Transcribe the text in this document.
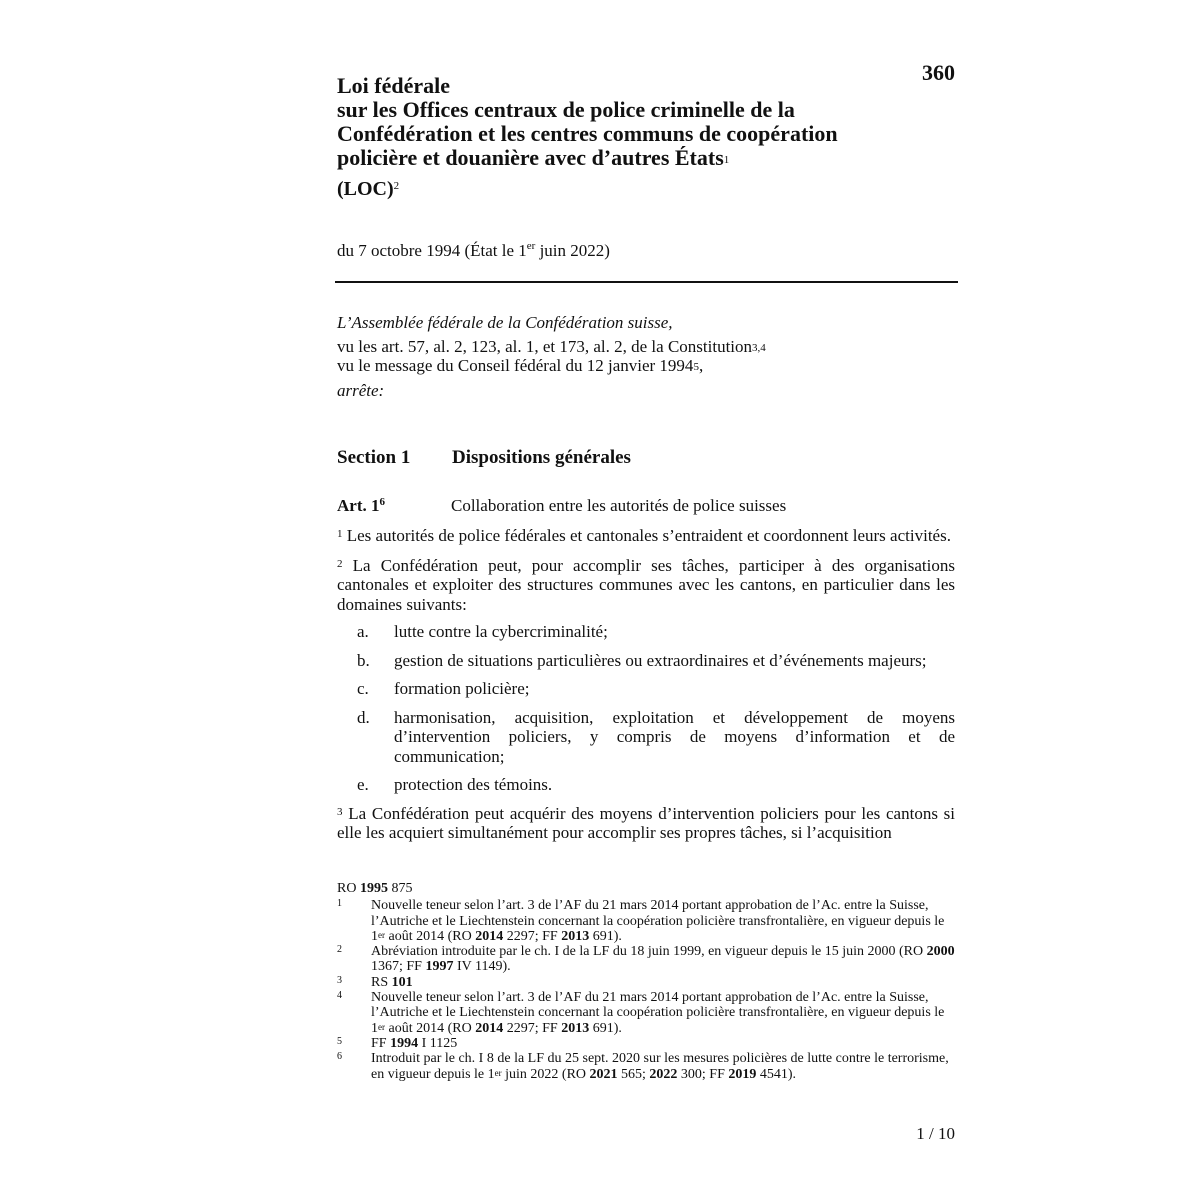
360
Loi fédérale
sur les Offices centraux de police criminelle de la
Confédération et les centres communs de coopération
policière et douanière avec d’autres États$^1$
(LOC)$^2$
du 7 octobre 1994 (État le 1er juin 2022)
L’Assemblée fédérale de la Confédération suisse,
vu les art. 57, al. 2, 123, al. 1, et 173, al. 2, de la Constitution$^{3,4}$
vu le message du Conseil fédéral du 12 janvier 1994$^5$,
arrête:
Section 1 Dispositions générales
Art. $1^6$	Collaboration entre les autorités de police suisses

$^1$ Les autorités de police fédérales et cantonales s’entraident et coordonnent leurs activités.

$^2$ La Confédération peut, pour accomplir ses tâches, participer à des organisations cantonales et exploiter des structures communes avec les cantons, en particulier dans les domaines suivants:

a.	lutte contre la cybercriminalité;
b.	gestion de situations particulières ou extraordinaires et d’événements majeurs;
c.	formation policière;
d.	harmonisation, acquisition, exploitation et développement de moyens d’intervention policiers, y compris de moyens d’information et de communication;
e.	protection des témoins.

$^3$ La Confédération peut acquérir des moyens d’intervention policiers pour les cantons si elle les acquiert simultanément pour accomplir ses propres tâches, si l’acquisition

RO 1995 875
1	Nouvelle teneur selon l’art. 3 de l’AF du 21 mars 2014 portant approbation de l’Ac. entre la Suisse, l’Autriche et le Liechtenstein concernant la coopération policière transfrontalière, en vigueur depuis le 1er août 2014 (RO 2014 2297; FF 2013 691).
2	Abréviation introduite par le ch. I de la LF du 18 juin 1999, en vigueur depuis le 15 juin 2000 (RO 2000 1367; FF 1997 IV 1149).
3	RS 101
4	Nouvelle teneur selon l’art. 3 de l’AF du 21 mars 2014 portant approbation de l’Ac. entre la Suisse, l’Autriche et le Liechtenstein concernant la coopération policière transfrontalière, en vigueur depuis le 1er août 2014 (RO 2014 2297; FF 2013 691).
5	FF 1994 I 1125
6	Introduit par le ch. I 8 de la LF du 25 sept. 2020 sur les mesures policières de lutte contre le terrorisme, en vigueur depuis le 1er juin 2022 (RO 2021 565; 2022 300; FF 2019 4541).
1 / 10
